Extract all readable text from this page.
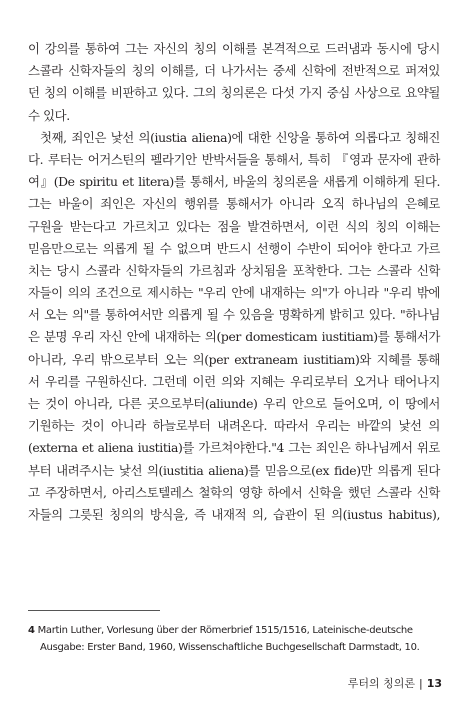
이 강의를 통하여 그는 자신의 칭의 이해를 본격적으로 드러냄과 동시에 당시
스콜라 신학자들의 칭의 이해를, 더 나가서는 중세 신학에 전반적으로 퍼져있
던 칭의 이해를 비판하고 있다. 그의 칭의론은 다섯 가지 중심 사상으로 요약될
수 있다.
첫째, 죄인은 낯선 의(iustia aliena)에 대한 신앙을 통하여 의롭다고 칭해진
다. 루터는 어거스틴의 펠라기안 반박서들을 통해서, 특히 『영과 문자에 관하
여』(De spiritu et litera)를 통해서, 바울의 칭의론을 새롭게 이해하게 된다.
그는 바울이 죄인은 자신의 행위를 통해서가 아니라 오직 하나님의 은혜로
구원을 받는다고 가르치고 있다는 점을 발견하면서, 이런 식의 칭의 이해는
믿음만으로는 의롭게 될 수 없으며 반드시 선행이 수반이 되어야 한다고 가르
치는 당시 스콜라 신학자들의 가르침과 상치됨을 포착한다. 그는 스콜라 신학
자들이 의의 조건으로 제시하는 "우리 안에 내재하는 의"가 아니라 "우리 밖에
서 오는 의"를 통하여서만 의롭게 될 수 있음을 명확하게 밝히고 있다. "하나님
은 분명 우리 자신 안에 내재하는 의(per domesticam iustitiam)를 통해서가
아니라, 우리 밖으로부터 오는 의(per extraneam iustitiam)와 지혜를 통해
서 우리를 구원하신다. 그런데 이런 의와 지혜는 우리로부터 오거나 태어나지
는 것이 아니라, 다른 곳으로부터(aliunde) 우리 안으로 들어오며, 이 땅에서
기원하는 것이 아니라 하늘로부터 내려온다. 따라서 우리는 바깥의 낯선 의
(externa et aliena iustitia)를 가르쳐야한다."4 그는 죄인은 하나님께서 위로
부터 내려주시는 낯선 의(iustitia aliena)를 믿음으로(ex fide)만 의롭게 된다
고 주장하면서, 아리스토텔레스 철학의 영향 하에서 신학을 했던 스콜라 신학
자들의 그릇된 칭의의 방식을, 즉 내재적 의, 습관이 된 의(iustus habitus),
4 Martin Luther, Vorlesung über der Römerbrief 1515/1516, Lateinische-deutsche
Ausgabe: Erster Band, 1960, Wissenschaftliche Buchgesellschaft Darmstadt, 10.
루터의 칭의론 | 13
